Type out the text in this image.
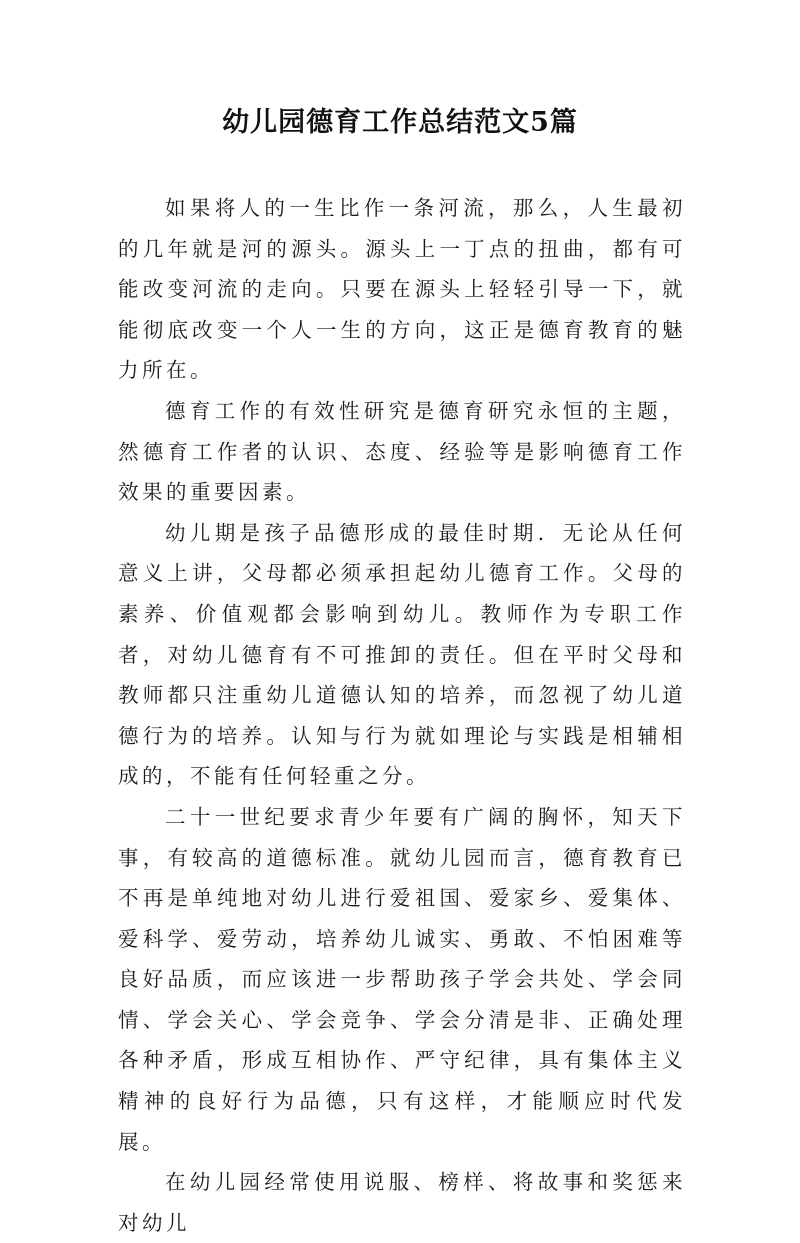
幼儿园德育工作总结范文5篇

如果将人的一生比作一条河流，那么，人生最初的几年就是河的源头。源头上一丁点的扭曲，都有可能改变河流的走向。只要在源头上轻轻引导一下，就能彻底改变一个人一生的方向，这正是德育教育的魅力所在。

德育工作的有效性研究是德育研究永恒的主题，然德育工作者的认识、态度、经验等是影响德育工作效果的重要因素。

幼儿期是孩子品德形成的最佳时期．无论从任何意义上讲，父母都必须承担起幼儿德育工作。父母的素养、价值观都会影响到幼儿。教师作为专职工作者，对幼儿德育有不可推卸的责任。但在平时父母和教师都只注重幼儿道德认知的培养，而忽视了幼儿道德行为的培养。认知与行为就如理论与实践是相辅相成的，不能有任何轻重之分。

二十一世纪要求青少年要有广阔的胸怀，知天下事，有较高的道德标准。就幼儿园而言，德育教育已不再是单纯地对幼儿进行爱祖国、爱家乡、爱集体、爱科学、爱劳动，培养幼儿诚实、勇敢、不怕困难等良好品质，而应该进一步帮助孩子学会共处、学会同情、学会关心、学会竞争、学会分清是非、正确处理各种矛盾，形成互相协作、严守纪律，具有集体主义精神的良好行为品德，只有这样，才能顺应时代发展。

在幼儿园经常使用说服、榜样、将故事和奖惩来对幼儿
